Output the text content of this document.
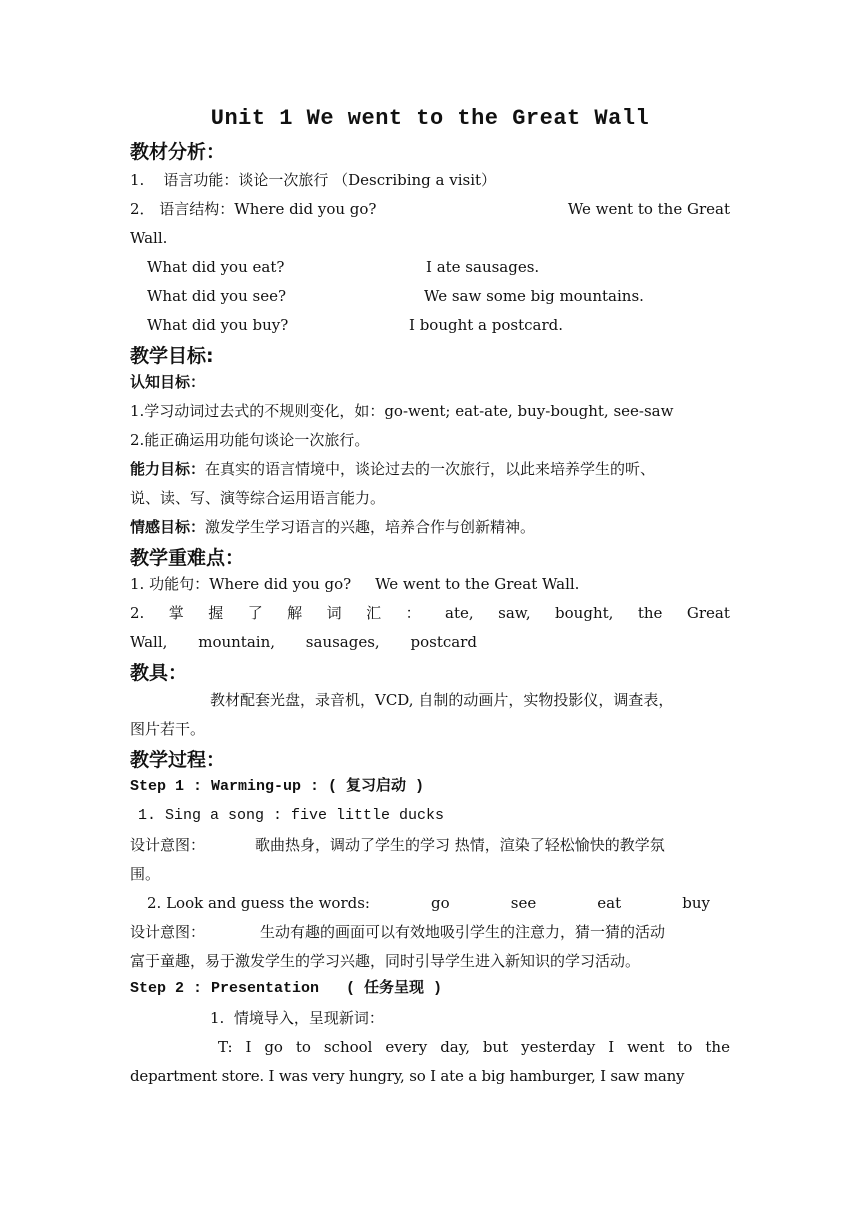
Unit 1 We went to the Great Wall
教材分析：
1.    语言功能：谈论一次旅行 （Describing a visit）
2． 语言结构：Where did you go?	We went to the Great
Wall.
What did you eat?	I ate sausages.
What did you see?	We saw some big mountains.
What did you buy?	I bought a postcard.
教学目标:
认知目标：
1.学习动词过去式的不规则变化，如：go-went; eat-ate, buy-bought, see-saw
2.能正确运用功能句谈论一次旅行。
能力目标：在真实的语言情境中，谈论过去的一次旅行，以此来培养学生的听、
说、读、写、演等综合运用语言能力。
情感目标：激发学生学习语言的兴趣，培养合作与创新精神。
教学重难点：
1. 功能句：Where did you go?     We went to the Great Wall.
2. 掌 握 了 解 词 汇 ： ate, saw, bought, the Great
Wall, mountain, sausages, postcard
教具：
教材配套光盘，录音机，VCD, 自制的动画片，实物投影仪，调查表，
图片若干。
教学过程：
Step 1 : Warming-up : ( 复习启动 )
1. Sing a song : five little ducks
设计意图：	歌曲热身，调动了学生的学习 热情，渲染了轻松愉快的教学氛
围。
2. Look and guess the words:	go	see	eat	buy
设计意图：	生动有趣的画面可以有效地吸引学生的注意力，猜一猜的活动
富于童趣，易于激发学生的学习兴趣，同时引导学生进入新知识的学习活动。
Step 2 : Presentation   ( 任务呈现 )
1.  情境导入，呈现新词：
T: I go to school every day, but yesterday I went to the
department store. I was very hungry, so I ate a big hamburger, I saw many
